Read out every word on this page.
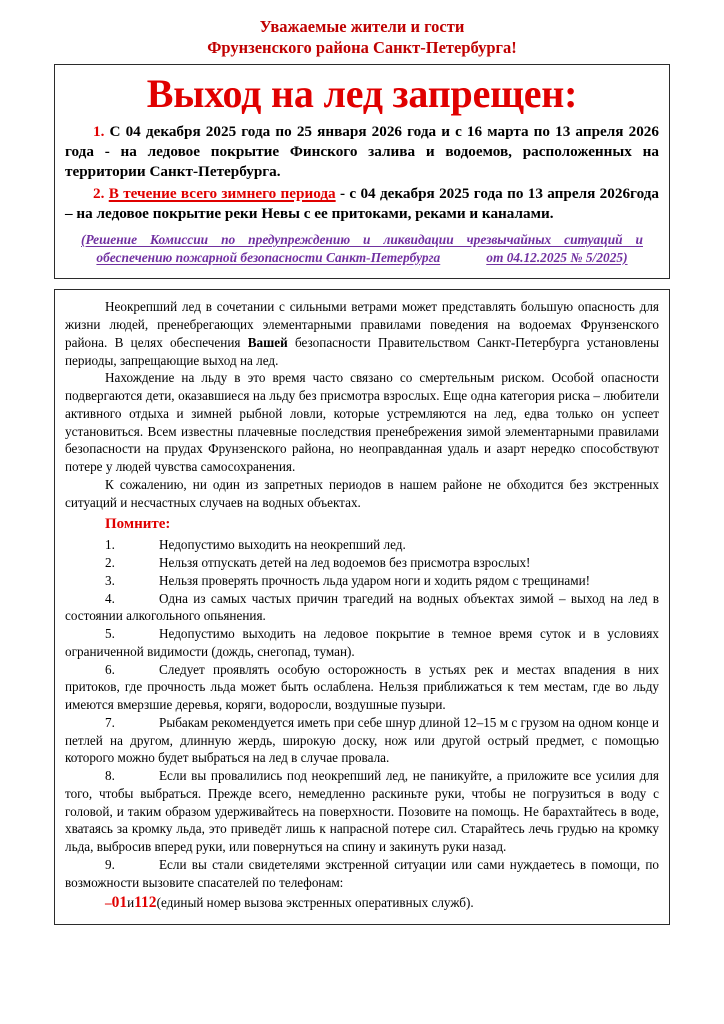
Уважаемые жители и гости
Фрунзенского района Санкт-Петербурга!
Выход на лед запрещен:

1. С 04 декабря 2025 года по 25 января 2026 года и с 16 марта по 13 апреля 2026 года - на ледовое покрытие Финского залива и водоемов, расположенных на территории Санкт-Петербурга.

2. В течение всего зимнего периода - с 04 декабря 2025 года по 13 апреля 2026года – на ледовое покрытие реки Невы с ее притоками, реками и каналами.

(Решение Комиссии по предупреждению и ликвидации чрезвычайных ситуаций и обеспечению пожарной безопасности Санкт-Петербурга	от 04.12.2025 № 5/2025)

Неокрепший лед в сочетании с сильными ветрами может представлять большую опасность для жизни людей, пренебрегающих элементарными правилами поведения на водоемах Фрунзенского района. В целях обеспечения Вашей безопасности Правительством Санкт-Петербурга установлены периоды, запрещающие выход на лед.

Нахождение на льду в это время часто связано со смертельным риском. Особой опасности подвергаются дети, оказавшиеся на льду без присмотра взрослых. Еще одна категория риска – любители активного отдыха и зимней рыбной ловли, которые устремляются на лед, едва только он успеет установиться. Всем известны плачевные последствия пренебрежения зимой элементарными правилами безопасности на прудах Фрунзенского района, но неоправданная удаль и азарт нередко способствуют потере у людей чувства самосохранения.

К сожалению, ни один из запретных периодов в нашем районе не обходится без экстренных ситуаций и несчастных случаев на водных объектах.

Помните:

1.	Недопустимо выходить на неокрепший лед.

2.	Нельзя отпускать детей на лед водоемов без присмотра взрослых!

3.	Нельзя проверять прочность льда ударом ноги и ходить рядом с трещинами!

4.	Одна из самых частых причин трагедий на водных объектах зимой – выход на лед в состоянии алкогольного опьянения.

5.	Недопустимо выходить на ледовое покрытие в темное время суток и в условиях ограниченной видимости (дождь, снегопад, туман).

6.	Следует проявлять особую осторожность в устьях рек и местах впадения в них притоков, где прочность льда может быть ослаблена. Нельзя приближаться к тем местам, где во льду имеются вмерзшие деревья, коряги, водоросли, воздушные пузыри.

7.	Рыбакам рекомендуется иметь при себе шнур длиной 12–15 м с грузом на одном конце и петлей на другом, длинную жердь, широкую доску, нож или другой острый предмет, с помощью которого можно будет выбраться на лед в случае провала.

8.	Если вы провалились под неокрепший лед, не паникуйте, а приложите все усилия для того, чтобы выбраться. Прежде всего, немедленно раскиньте руки, чтобы не погрузиться в воду с головой, и таким образом удерживайтесь на поверхности. Позовите на помощь. Не барахтайтесь в воде, хватаясь за кромку льда, это приведёт лишь к напрасной потере сил. Старайтесь лечь грудью на кромку льда, выбросив вперед руки, или повернуться на спину и закинуть руки назад.

9.	Если вы стали свидетелями экстренной ситуации или сами нуждаетесь в помощи, по возможности вызовите спасателей по телефонам:

–01и112(единый номер вызова экстренных оперативных служб).
